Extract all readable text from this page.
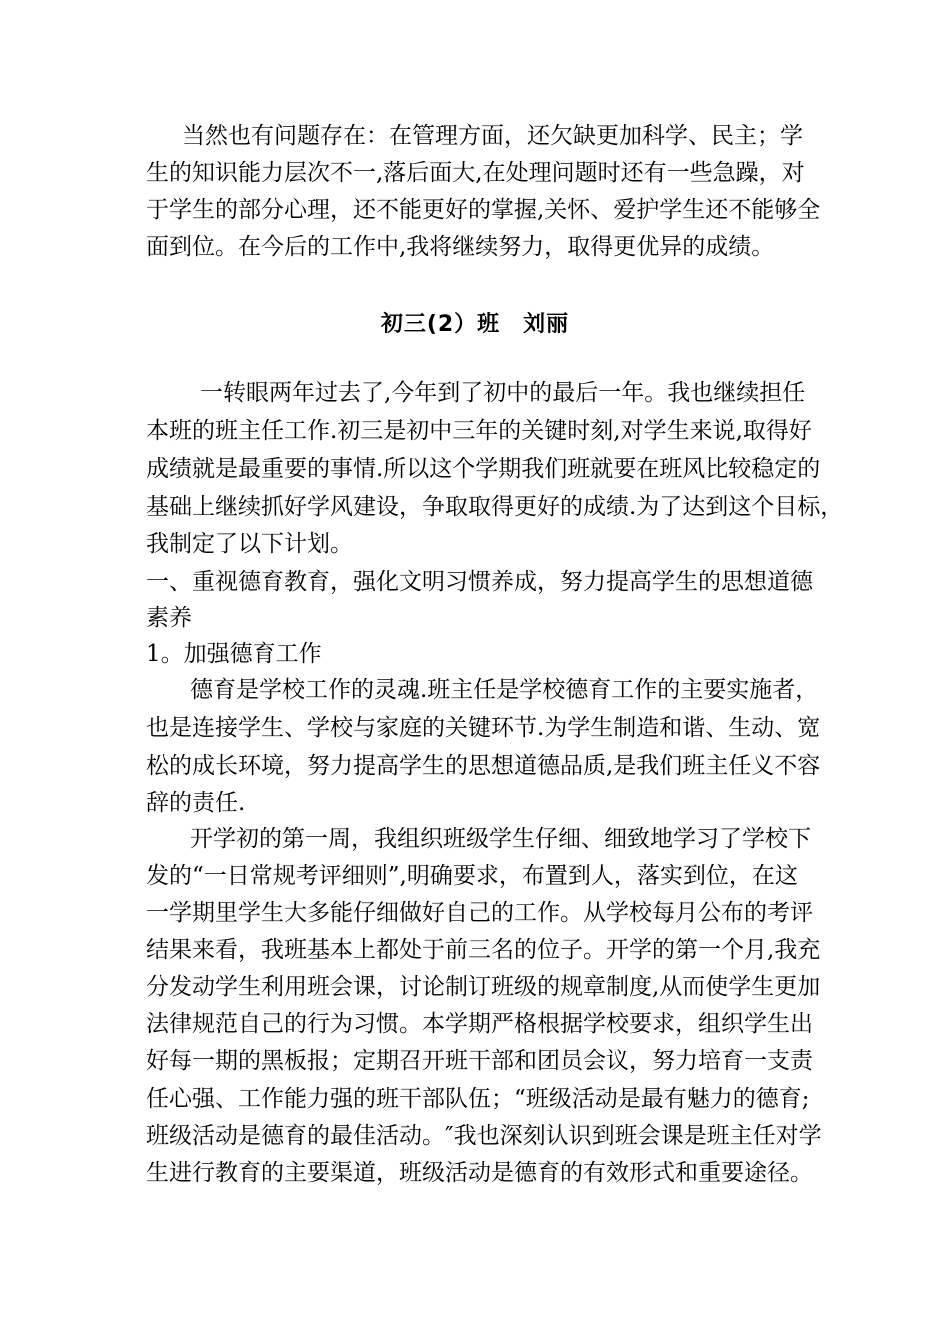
当然也有问题存在：在管理方面，还欠缺更加科学、民主；学
生的知识能力层次不一,落后面大,在处理问题时还有一些急躁，对
于学生的部分心理，还不能更好的掌握,关怀、爱护学生还不能够全
面到位。在今后的工作中,我将继续努力，取得更优异的成绩。
初三(2）班　刘丽
一转眼两年过去了,今年到了初中的最后一年。我也继续担任
本班的班主任工作.初三是初中三年的关键时刻,对学生来说,取得好
成绩就是最重要的事情.所以这个学期我们班就要在班风比较稳定的
基础上继续抓好学风建设，争取取得更好的成绩.为了达到这个目标，
我制定了以下计划。
一、重视德育教育，强化文明习惯养成，努力提高学生的思想道德
素养
1。加强德育工作
德育是学校工作的灵魂.班主任是学校德育工作的主要实施者，
也是连接学生、学校与家庭的关键环节.为学生制造和谐、生动、宽
松的成长环境，努力提高学生的思想道德品质,是我们班主任义不容
辞的责任.
开学初的第一周，我组织班级学生仔细、细致地学习了学校下
发的“一日常规考评细则”,明确要求，布置到人，落实到位，在这
一学期里学生大多能仔细做好自己的工作。从学校每月公布的考评
结果来看，我班基本上都处于前三名的位子。开学的第一个月,我充
分发动学生利用班会课，讨论制订班级的规章制度,从而使学生更加
法律规范自己的行为习惯。本学期严格根据学校要求，组织学生出
好每一期的黑板报；定期召开班干部和团员会议，努力培育一支责
任心强、工作能力强的班干部队伍；“班级活动是最有魅力的德育;
班级活动是德育的最佳活动。″我也深刻认识到班会课是班主任对学
生进行教育的主要渠道，班级活动是德育的有效形式和重要途径。
